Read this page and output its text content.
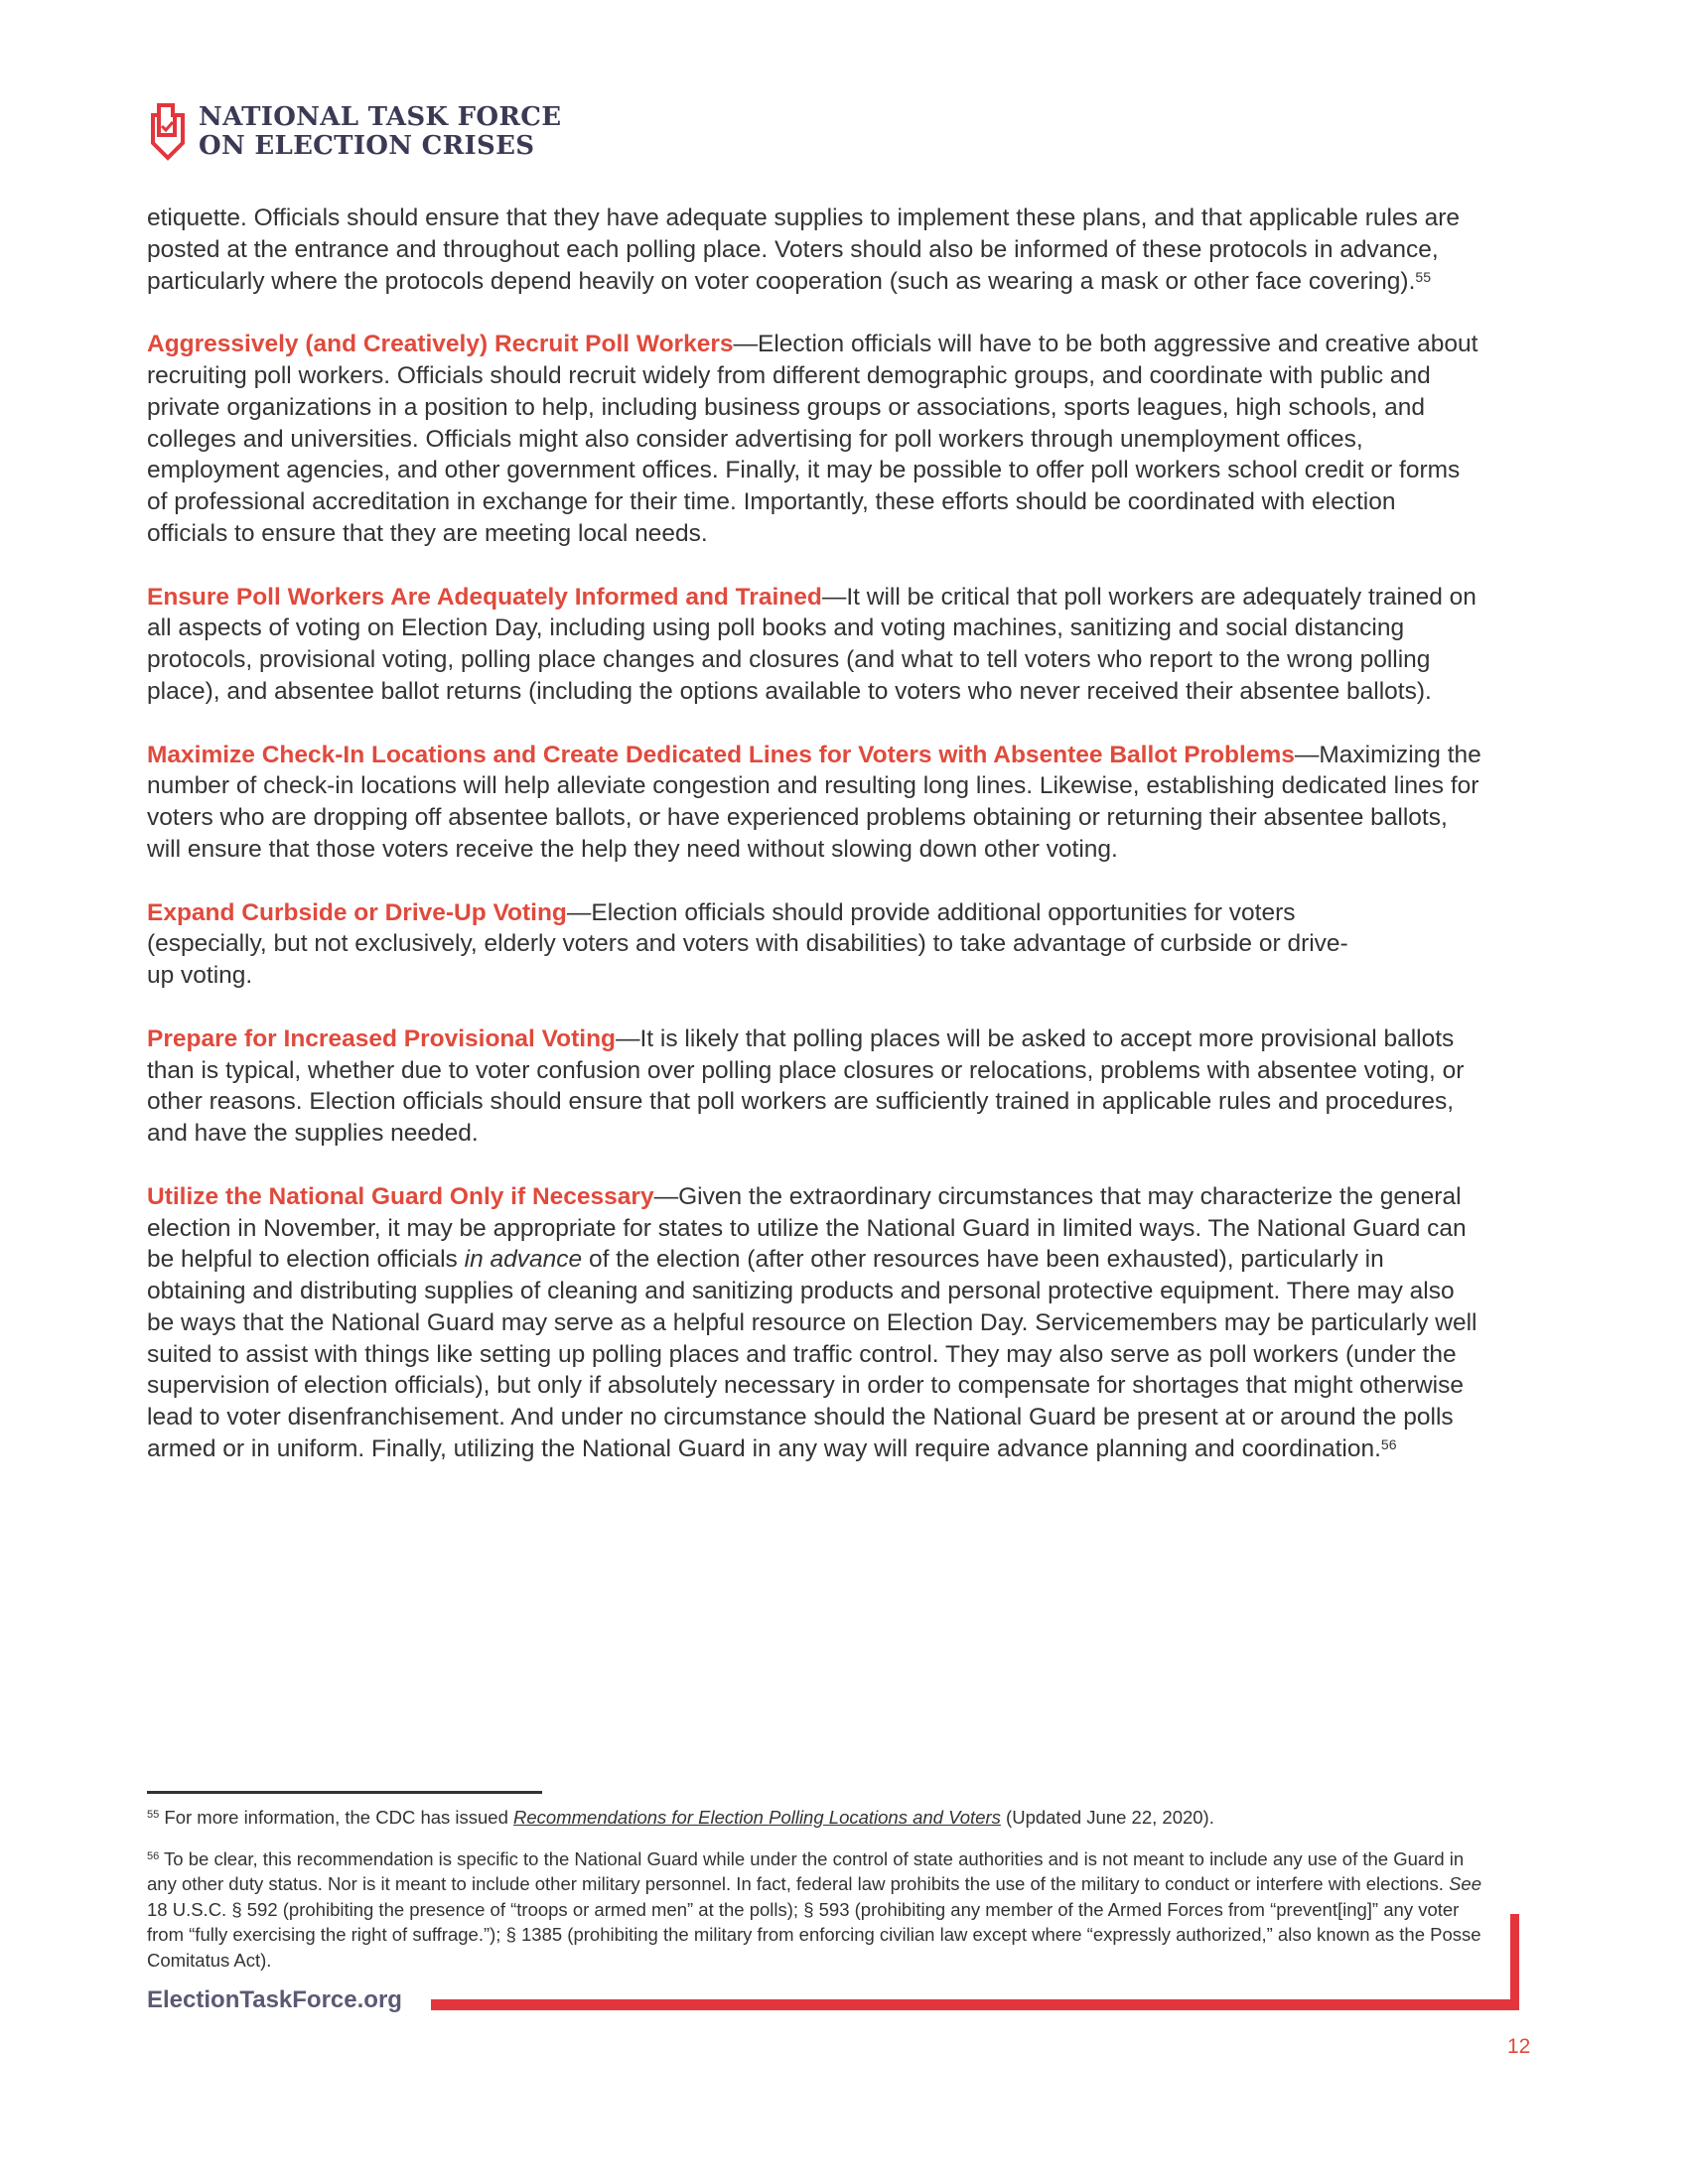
NATIONAL TASK FORCE
ON ELECTION CRISES

etiquette. Officials should ensure that they have adequate supplies to implement these plans, and that applicable rules are posted at the entrance and throughout each polling place. Voters should also be informed of these protocols in advance, particularly where the protocols depend heavily on voter cooperation (such as wearing a mask or other face covering).$^{55}$

Aggressively (and Creatively) Recruit Poll Workers—Election officials will have to be both aggressive and creative about recruiting poll workers. Officials should recruit widely from different demographic groups, and coordinate with public and private organizations in a position to help, including business groups or associations, sports leagues, high schools, and colleges and universities. Officials might also consider advertising for poll workers through unemployment offices, employment agencies, and other government offices. Finally, it may be possible to offer poll workers school credit or forms of professional accreditation in exchange for their time. Importantly, these efforts should be coordinated with election officials to ensure that they are meeting local needs.

Ensure Poll Workers Are Adequately Informed and Trained—It will be critical that poll workers are adequately trained on all aspects of voting on Election Day, including using poll books and voting machines, sanitizing and social distancing protocols, provisional voting, polling place changes and closures (and what to tell voters who report to the wrong polling place), and absentee ballot returns (including the options available to voters who never received their absentee ballots).

Maximize Check-In Locations and Create Dedicated Lines for Voters with Absentee Ballot Problems—Maximizing the number of check-in locations will help alleviate congestion and resulting long lines. Likewise, establishing dedicated lines for voters who are dropping off absentee ballots, or have experienced problems obtaining or returning their absentee ballots, will ensure that those voters receive the help they need without slowing down other voting.

Expand Curbside or Drive-Up Voting—Election officials should provide additional opportunities for voters (especially, but not exclusively, elderly voters and voters with disabilities) to take advantage of curbside or drive-up voting.

Prepare for Increased Provisional Voting—It is likely that polling places will be asked to accept more provisional ballots than is typical, whether due to voter confusion over polling place closures or relocations, problems with absentee voting, or other reasons. Election officials should ensure that poll workers are sufficiently trained in applicable rules and procedures, and have the supplies needed.

Utilize the National Guard Only if Necessary—Given the extraordinary circumstances that may characterize the general election in November, it may be appropriate for states to utilize the National Guard in limited ways. The National Guard can be helpful to election officials in advance of the election (after other resources have been exhausted), particularly in obtaining and distributing supplies of cleaning and sanitizing products and personal protective equipment. There may also be ways that the National Guard may serve as a helpful resource on Election Day. Servicemembers may be particularly well suited to assist with things like setting up polling places and traffic control. They may also serve as poll workers (under the supervision of election officials), but only if absolutely necessary in order to compensate for shortages that might otherwise lead to voter disenfranchisement. And under no circumstance should the National Guard be present at or around the polls armed or in uniform. Finally, utilizing the National Guard in any way will require advance planning and coordination.$^{56}$

$^{55}$ For more information, the CDC has issued Recommendations for Election Polling Locations and Voters (Updated June 22, 2020).
$^{56}$ To be clear, this recommendation is specific to the National Guard while under the control of state authorities and is not meant to include any use of the Guard in any other duty status. Nor is it meant to include other military personnel. In fact, federal law prohibits the use of the military to conduct or interfere with elections. See 18 U.S.C. § 592 (prohibiting the presence of “troops or armed men” at the polls); § 593 (prohibiting any member of the Armed Forces from “prevent[ing]” any voter from “fully exercising the right of suffrage.”); § 1385 (prohibiting the military from enforcing civilian law except where “expressly authorized,” also known as the Posse Comitatus Act).
ElectionTaskForce.org
12
